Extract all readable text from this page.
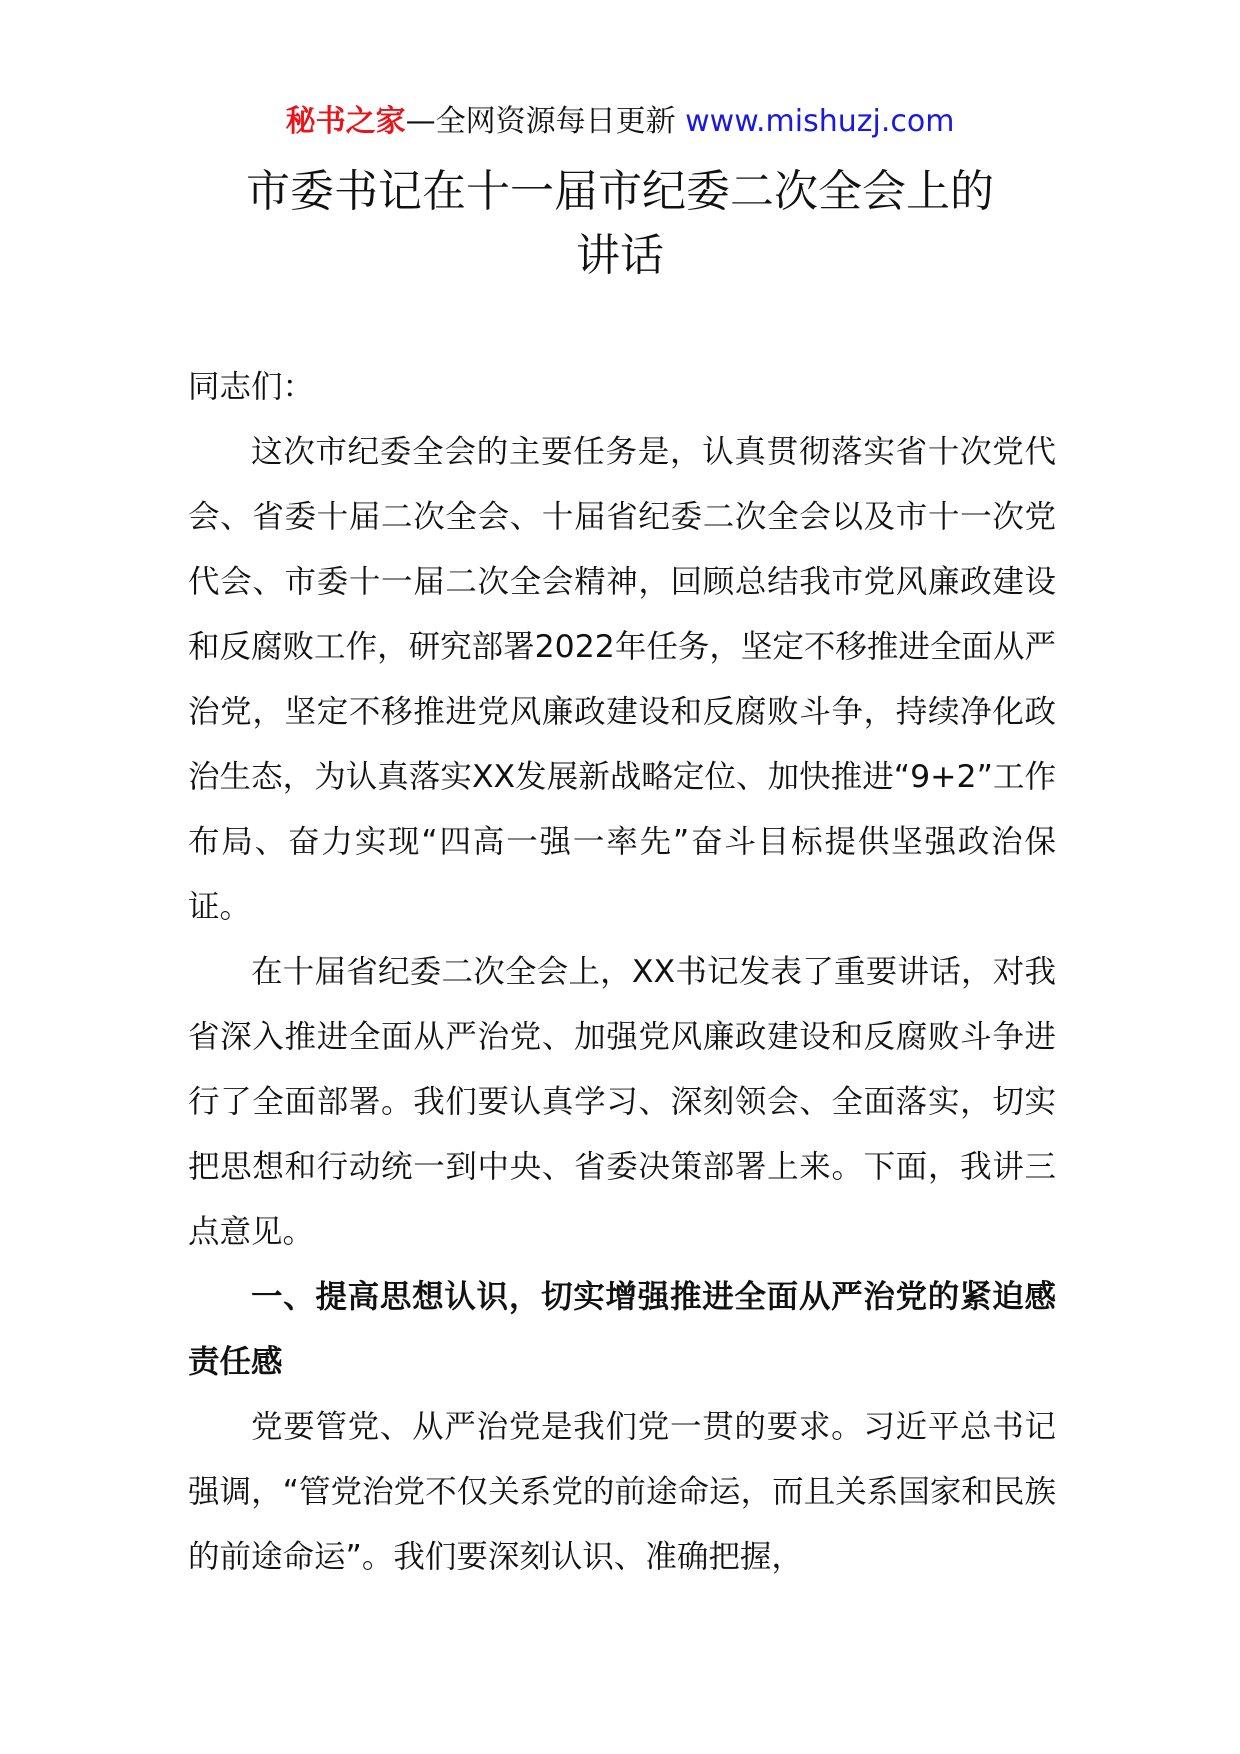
秘书之家—全网资源每日更新 www.mishuzj.com
市委书记在十一届市纪委二次全会上的
讲话

同志们：

这次市纪委全会的主要任务是，认真贯彻落实省十次党代会、省委十届二次全会、十届省纪委二次全会以及市十一次党代会、市委十一届二次全会精神，回顾总结我市党风廉政建设和反腐败工作，研究部署2022年任务，坚定不移推进全面从严治党，坚定不移推进党风廉政建设和反腐败斗争，持续净化政治生态，为认真落实XX发展新战略定位、加快推进“9+2”工作布局、奋力实现“四高一强一率先”奋斗目标提供坚强政治保证。

在十届省纪委二次全会上，XX书记发表了重要讲话，对我省深入推进全面从严治党、加强党风廉政建设和反腐败斗争进行了全面部署。我们要认真学习、深刻领会、全面落实，切实把思想和行动统一到中央、省委决策部署上来。下面，我讲三点意见。

一、提高思想认识，切实增强推进全面从严治党的紧迫感责任感

党要管党、从严治党是我们党一贯的要求。习近平总书记强调，“管党治党不仅关系党的前途命运，而且关系国家和民族的前途命运”。我们要深刻认识、准确把握，
